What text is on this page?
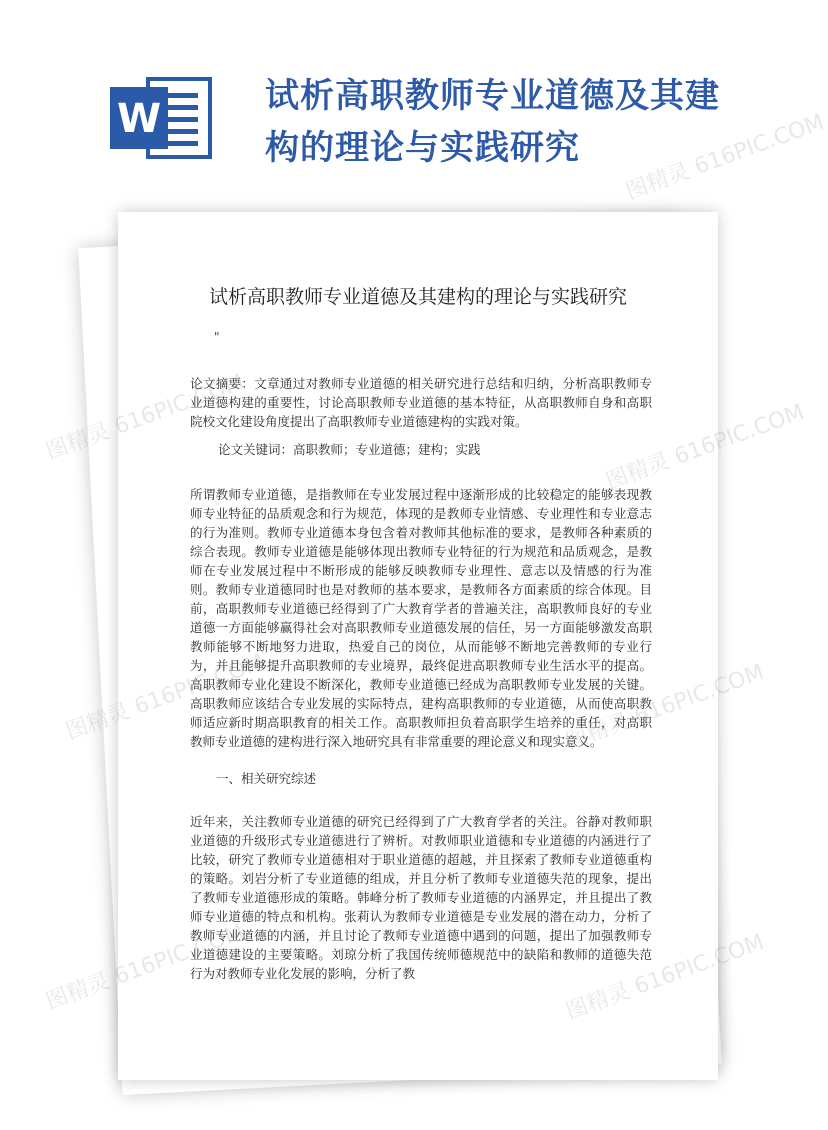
W	试析高职教师专业道德及其建构的理论与实践研究
试析高职教师专业道德及其建构的理论与实践研究
"

论文摘要：文章通过对教师专业道德的相关研究进行总结和归纳，分析高职教师专业道德构建的重要性，讨论高职教师专业道德的基本特征，从高职教师自身和高职院校文化建设角度提出了高职教师专业道德建构的实践对策。

论文关键词：高职教师；专业道德；建构；实践

所谓教师专业道德，是指教师在专业发展过程中逐渐形成的比较稳定的能够表现教师专业特征的品质观念和行为规范，体现的是教师专业情感、专业理性和专业意志的行为准则。教师专业道德本身包含着对教师其他标准的要求，是教师各种素质的综合表现。教师专业道德是能够体现出教师专业特征的行为规范和品质观念，是教师在专业发展过程中不断形成的能够反映教师专业理性、意志以及情感的行为准则。教师专业道德同时也是对教师的基本要求，是教师各方面素质的综合体现。目前，高职教师专业道德已经得到了广大教育学者的普遍关注，高职教师良好的专业道德一方面能够赢得社会对高职教师专业道德发展的信任，另一方面能够激发高职教师能够不断地努力进取，热爱自己的岗位，从而能够不断地完善教师的专业行为，并且能够提升高职教师的专业境界，最终促进高职教师专业生活水平的提高。高职教师专业化建设不断深化，教师专业道德已经成为高职教师专业发展的关键。高职教师应该结合专业发展的实际特点，建构高职教师的专业道德，从而使高职教师适应新时期高职教育的相关工作。高职教师担负着高职学生培养的重任，对高职教师专业道德的建构进行深入地研究具有非常重要的理论意义和现实意义。

一、相关研究综述

近年来，关注教师专业道德的研究已经得到了广大教育学者的关注。谷静对教师职业道德的升级形式专业道德进行了辨析。对教师职业道德和专业道德的内涵进行了比较，研究了教师专业道德相对于职业道德的超越，并且探索了教师专业道德重构的策略。刘岩分析了专业道德的组成，并且分析了教师专业道德失范的现象，提出了教师专业道德形成的策略。韩峰分析了教师专业道德的内涵界定，并且提出了教师专业道德的特点和机构。张莉认为教师专业道德是专业发展的潜在动力，分析了教师专业道德的内涵，并且讨论了教师专业道德中遇到的问题，提出了加强教师专业道德建设的主要策略。刘琼分析了我国传统师德规范中的缺陷和教师的道德失范行为对教师专业化发展的影响，分析了教

图精灵	616PIC.COM
图精灵
图精灵
